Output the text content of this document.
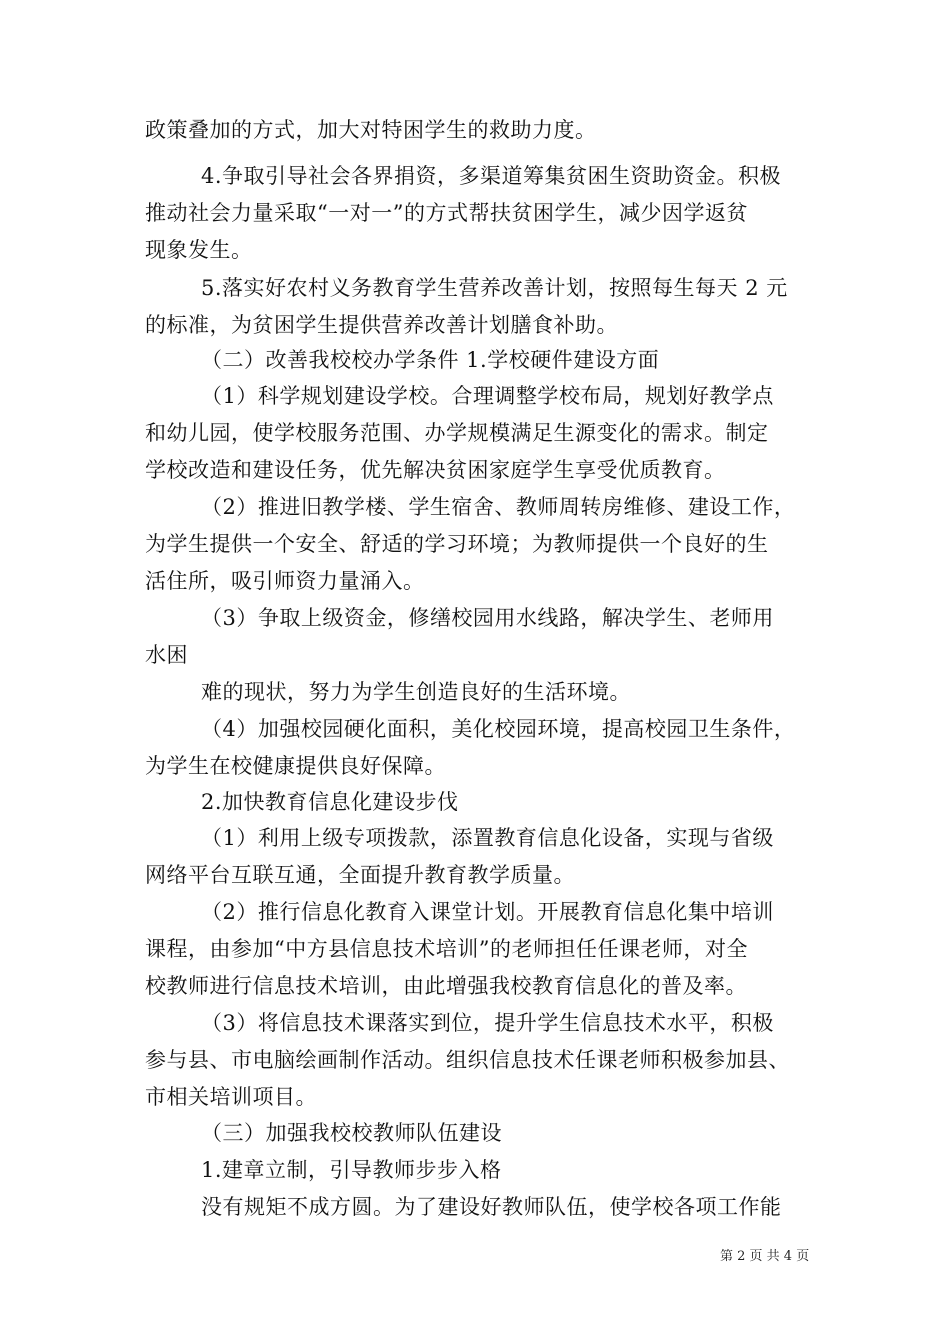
政策叠加的方式，加大对特困学生的救助力度。
4.争取引导社会各界捐资，多渠道筹集贫困生资助资金。积极
推动社会力量采取“一对一”的方式帮扶贫困学生，减少因学返贫
现象发生。
5.落实好农村义务教育学生营养改善计划，按照每生每天 2 元
的标准，为贫困学生提供营养改善计划膳食补助。
（二）改善我校校办学条件 1.学校硬件建设方面
（1）科学规划建设学校。合理调整学校布局，规划好教学点
和幼儿园，使学校服务范围、办学规模满足生源变化的需求。制定
学校改造和建设任务，优先解决贫困家庭学生享受优质教育。
（2）推进旧教学楼、学生宿舍、教师周转房维修、建设工作，
为学生提供一个安全、舒适的学习环境；为教师提供一个良好的生
活住所，吸引师资力量涌入。
（3）争取上级资金，修缮校园用水线路，解决学生、老师用
水困
难的现状，努力为学生创造良好的生活环境。
（4）加强校园硬化面积，美化校园环境，提高校园卫生条件，
为学生在校健康提供良好保障。
2.加快教育信息化建设步伐
（1）利用上级专项拨款，添置教育信息化设备，实现与省级
网络平台互联互通，全面提升教育教学质量。
（2）推行信息化教育入课堂计划。开展教育信息化集中培训
课程，由参加“中方县信息技术培训”的老师担任任课老师，对全
校教师进行信息技术培训，由此增强我校教育信息化的普及率。
（3）将信息技术课落实到位，提升学生信息技术水平，积极
参与县、市电脑绘画制作活动。组织信息技术任课老师积极参加县、
市相关培训项目。
（三）加强我校校教师队伍建设
1.建章立制，引导教师步步入格
没有规矩不成方圆。为了建设好教师队伍，使学校各项工作能
第 2 页 共 4 页
